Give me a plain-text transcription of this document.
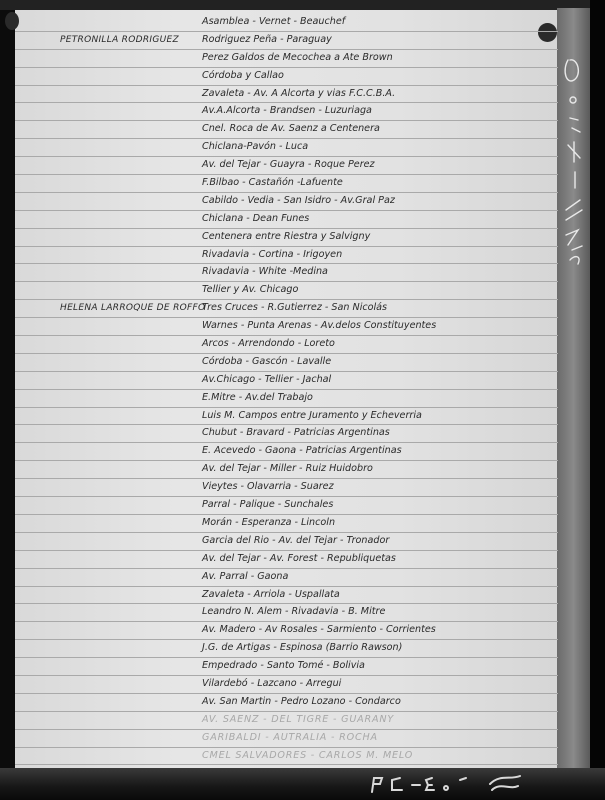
Asamblea - Vernet - Beauchef
PETRONILLA RODRIGUEZ Rodriguez Peña - Paraguay
Perez Galdos de Mecochea a Ate Brown
Córdoba y Callao
Zavaleta - Av. A Alcorta y vias F.C.C.B.A.
Av.A.Alcorta - Brandsen - Luzuriaga
Cnel. Roca de Av. Saenz a Centenera
Chiclana-Pavón - Luca
Av. del Tejar - Guayra - Roque Perez
F.Bilbao - Castañón -Lafuente
Cabildo - Vedia - San Isidro - Av.Gral Paz
Chiclana - Dean Funes
Centenera entre Riestra y Salvigny
Rivadavia - Cortina - Irigoyen
Rivadavia - White -Medina
Tellier y Av. Chicago
HELENA LARROQUE DE ROFFO
Tres Cruces - R.Gutierrez - San Nicolás
Warnes - Punta Arenas - Av.delos Constituyentes
Arcos - Arrendondo - Loreto
Córdoba - Gascón - Lavalle
Av.Chicago - Tellier - Jachal
E.Mitre - Av.del Trabajo
Luis M. Campos entre Juramento y Echeverria
Chubut - Bravard - Patricias Argentinas
E. Acevedo - Gaona - Patricias Argentinas
Av. del Tejar - Miller - Ruiz Huidobro
Vieytes - Olavarria - Suarez
Parral - Palique - Sunchales
Morán - Esperanza - Lincoln
Garcia del Rio - Av. del Tejar - Tronador
Av. del Tejar - Av. Forest - Republiquetas
Av. Parral - Gaona
Zavaleta - Arriola - Uspallata
Leandro N. Alem - Rivadavia - B. Mitre
Av. Madero - Av Rosales - Sarmiento - Corrientes
J.G. de Artigas - Espinosa (Barrio Rawson)
Empedrado - Santo Tomé - Bolivia
Vilardebó - Lazcano - Arregui
Av. San Martin - Pedro Lozano - Condarco
AV. SAENZ - DEL TIGRE - GUARANY
GARIBALDI - AUTRALIA - ROCHA
CMEL SALVADORES - CARLOS M. MELO
